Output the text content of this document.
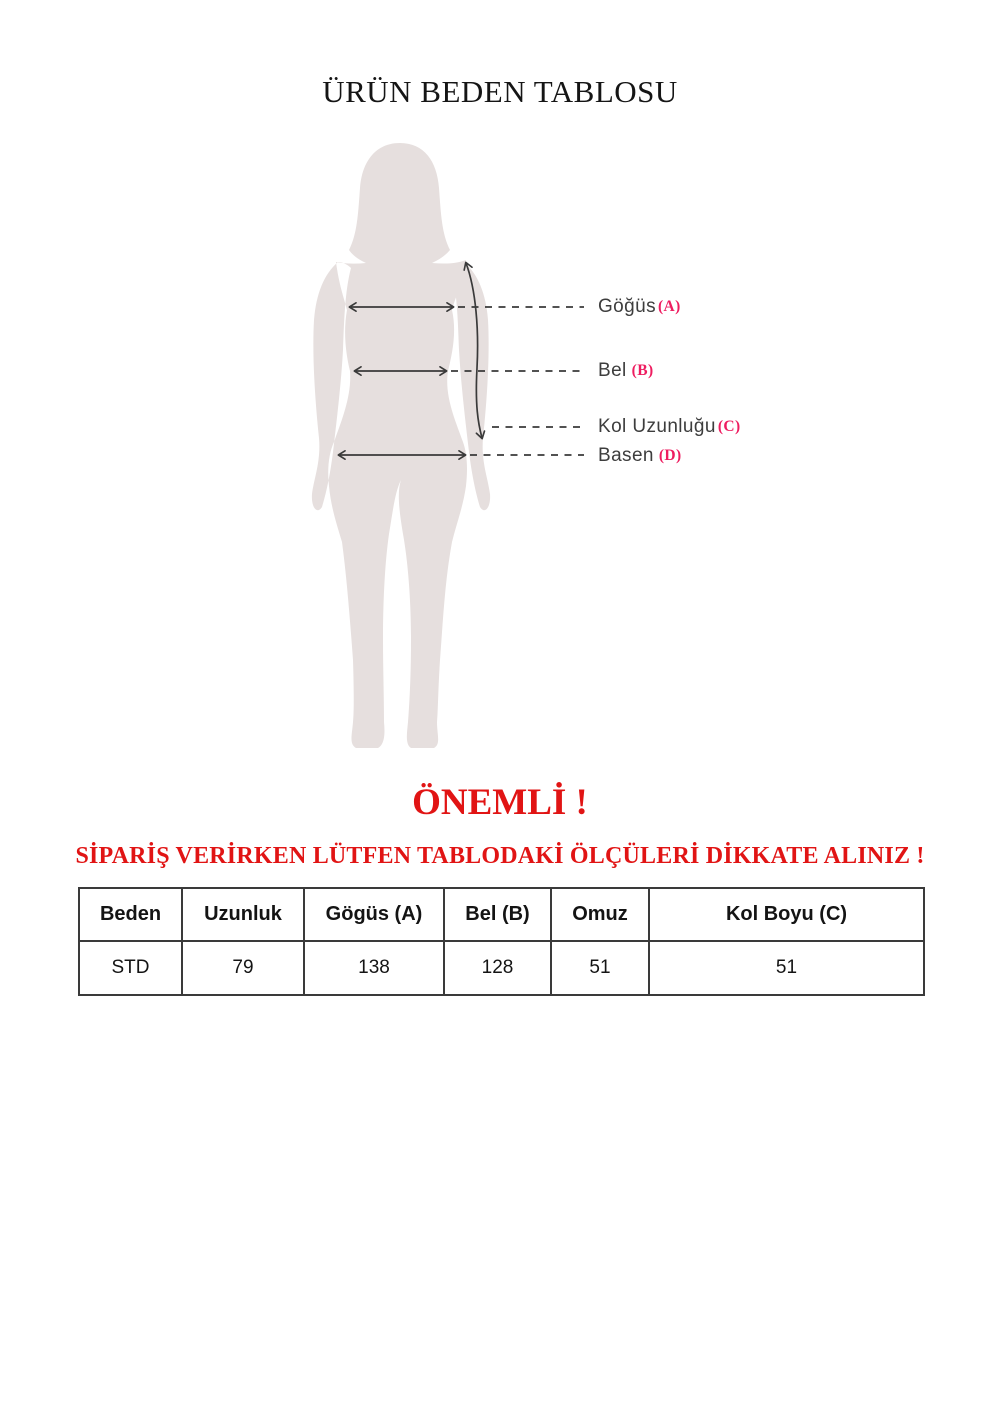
ÜRÜN BEDEN TABLOSU
Göğüs (A)
Bel (B)
Kol Uzunluğu (C)
Basen (D)
ÖNEMLİ !
SİPARİŞ VERİRKEN LÜTFEN TABLODAKİ ÖLÇÜLERİ DİKKATE ALINIZ !
Beden	Uzunluk	Gögüs (A)	Bel (B)	Omuz	Kol Boyu (C)
STD	79	138	128	51	51
